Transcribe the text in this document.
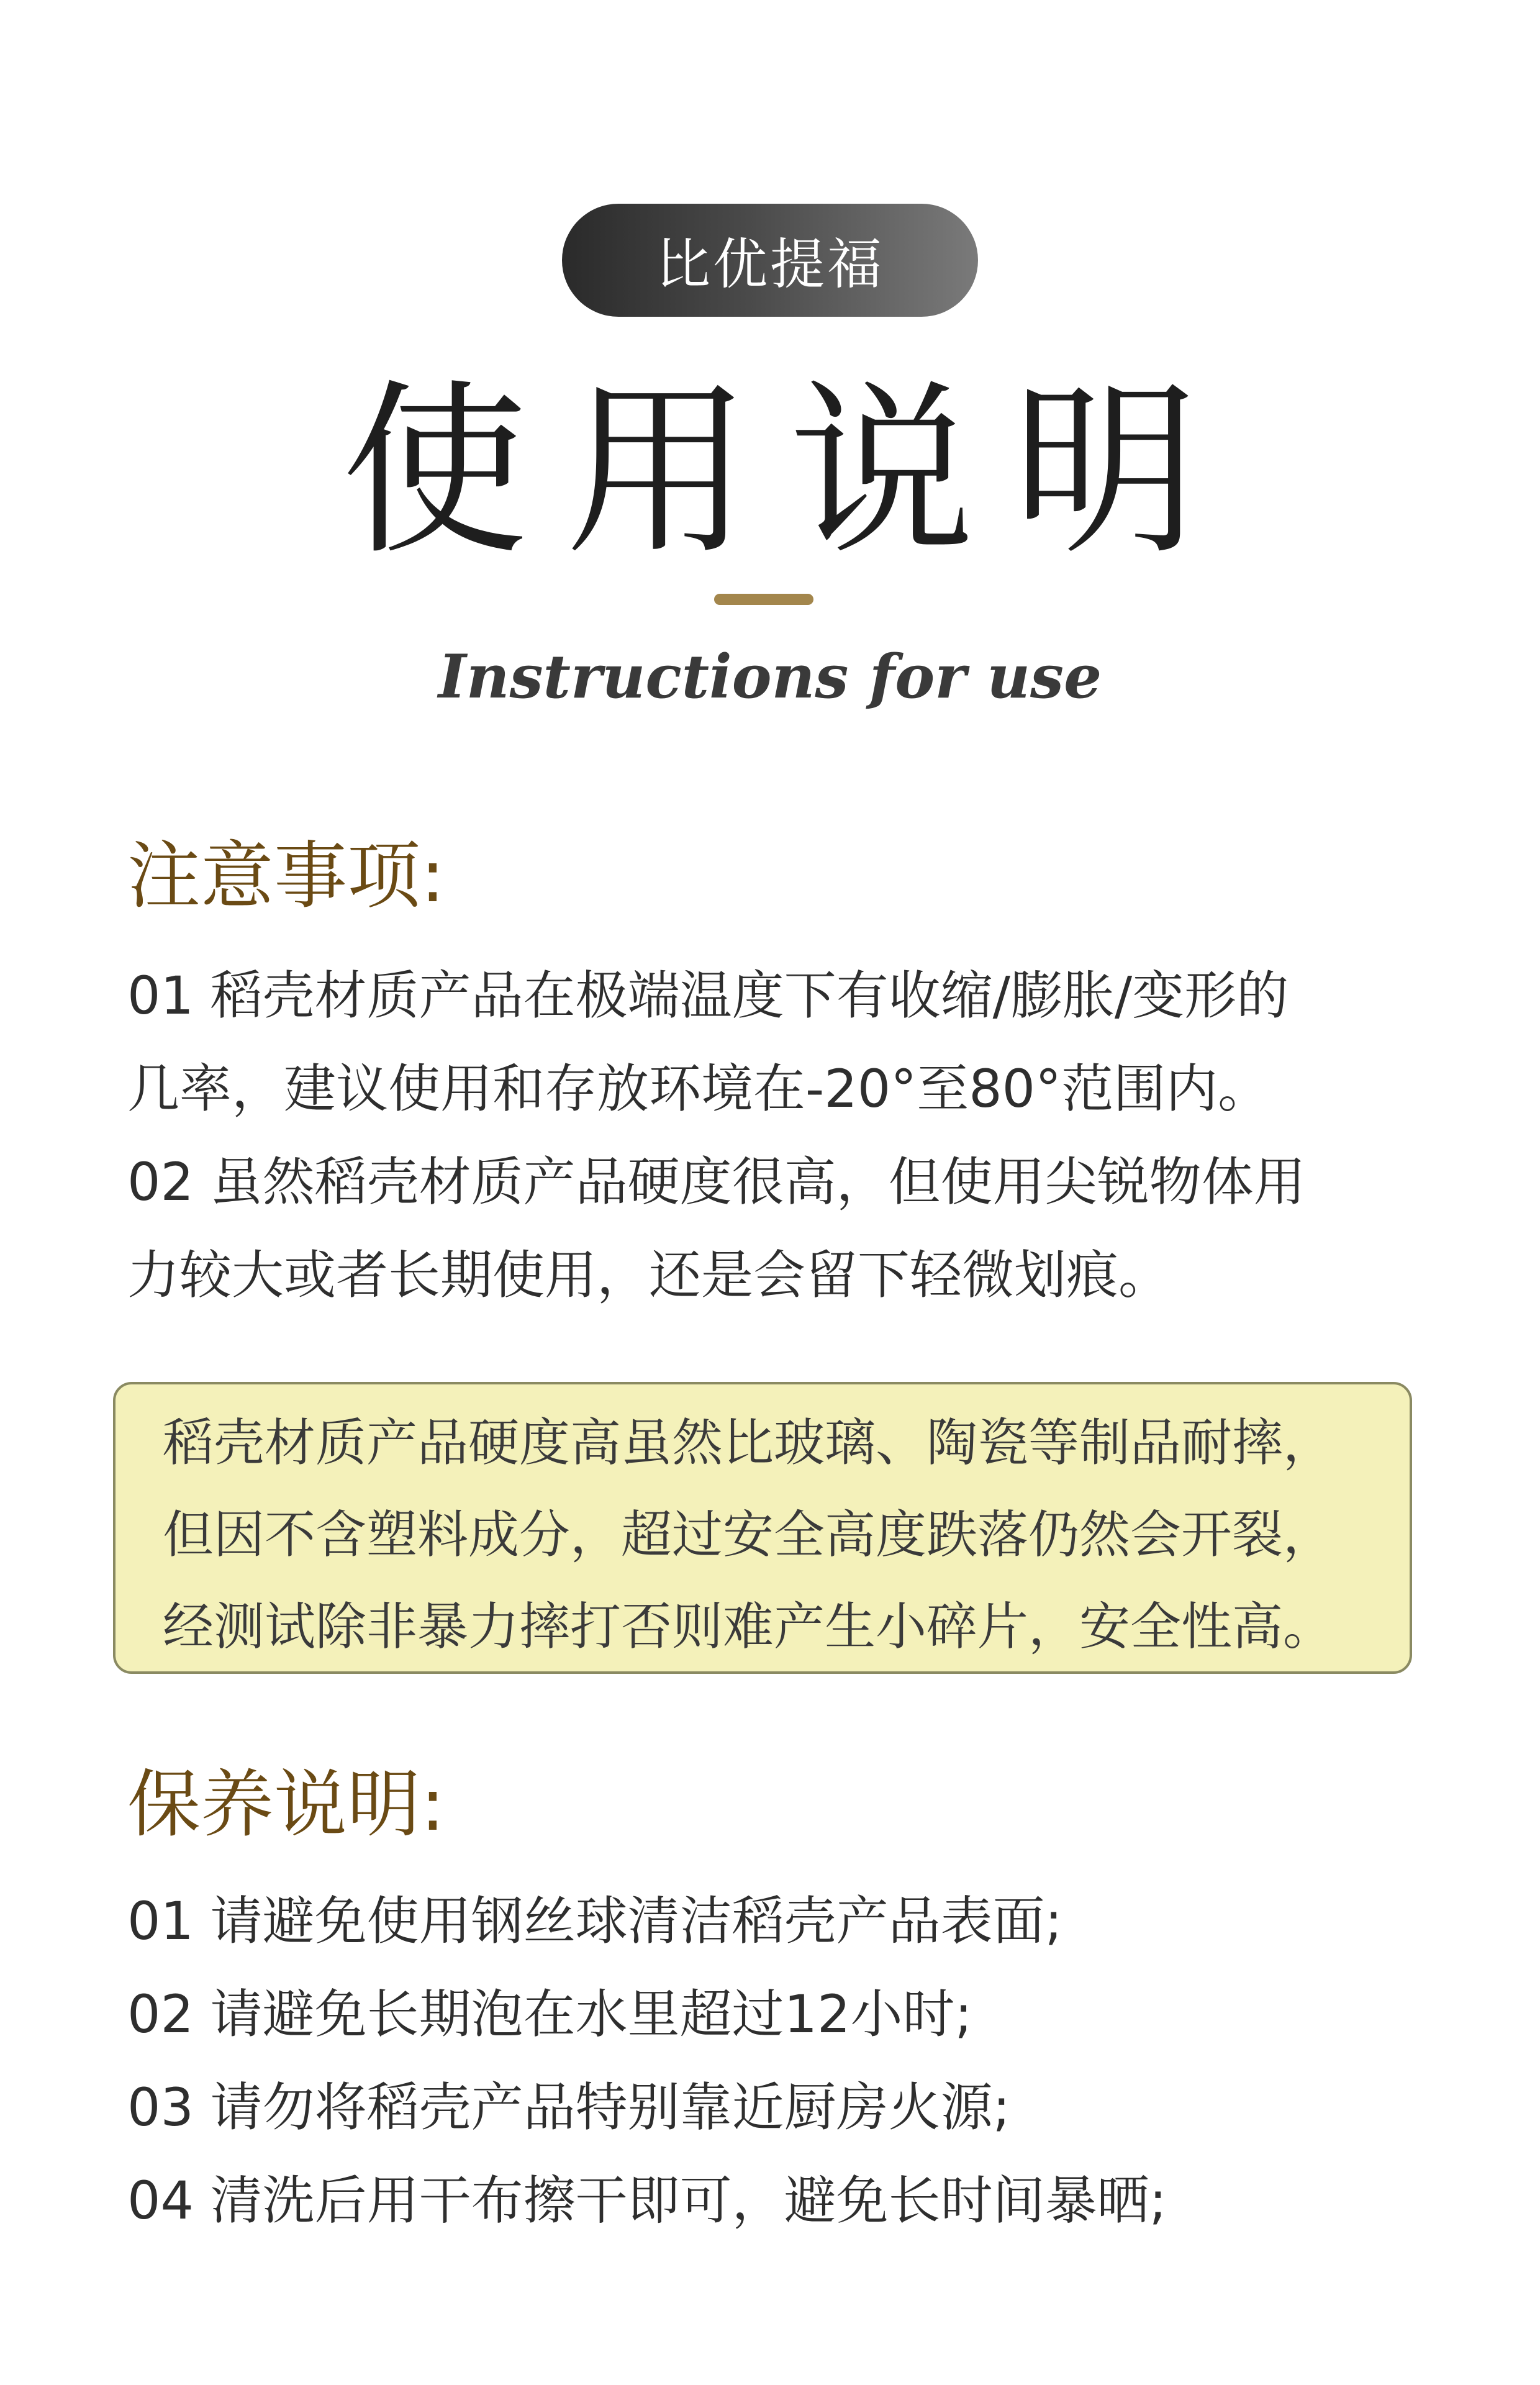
比优提福
使用说明
Instructions for use
注意事项:
01 稻壳材质产品在极端温度下有收缩/膨胀/变形的
几率，建议使用和存放环境在-20°至80°范围内。
02 虽然稻壳材质产品硬度很高，但使用尖锐物体用
力较大或者长期使用，还是会留下轻微划痕。
稻壳材质产品硬度高虽然比玻璃、陶瓷等制品耐摔，
但因不含塑料成分，超过安全高度跌落仍然会开裂，
经测试除非暴力摔打否则难产生小碎片，安全性高。
保养说明:
01 请避免使用钢丝球清洁稻壳产品表面;
02 请避免长期泡在水里超过12小时;
03 请勿将稻壳产品特别靠近厨房火源;
04 清洗后用干布擦干即可，避免长时间暴晒;
